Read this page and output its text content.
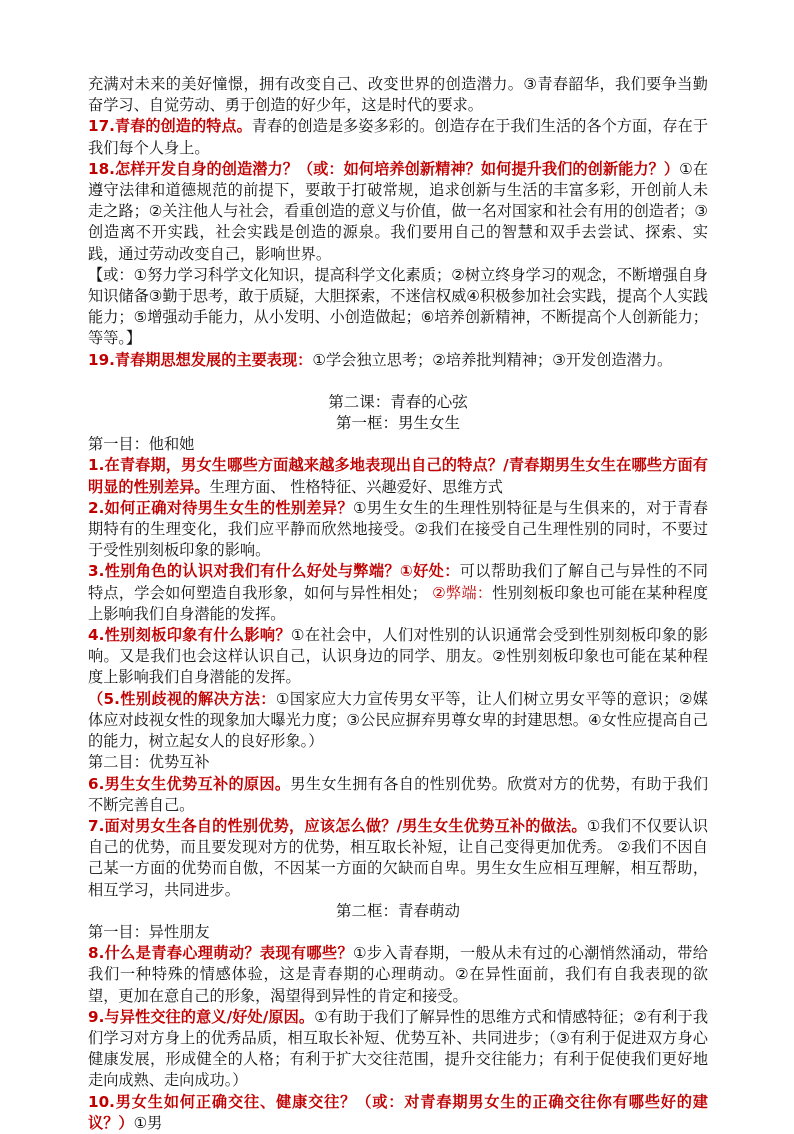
充满对未来的美好憧憬，拥有改变自己、改变世界的创造潜力。③青春韶华，我们要争当勤奋学习、自觉劳动、勇于创造的好少年，这是时代的要求。

17.青春的创造的特点。青春的创造是多姿多彩的。创造存在于我们生活的各个方面，存在于我们每个人身上。

18.怎样开发自身的创造潜力？（或：如何培养创新精神？如何提升我们的创新能力？）①在遵守法律和道德规范的前提下，要敢于打破常规，追求创新与生活的丰富多彩，开创前人未走之路；②关注他人与社会，看重创造的意义与价值，做一名对国家和社会有用的创造者；③创造离不开实践，社会实践是创造的源泉。我们要用自己的智慧和双手去尝试、探索、实践，通过劳动改变自己，影响世界。

【或：①努力学习科学文化知识，提高科学文化素质；②树立终身学习的观念，不断增强自身知识储备③勤于思考，敢于质疑，大胆探索，不迷信权威④积极参加社会实践，提高个人实践能力；⑤增强动手能力，从小发明、小创造做起；⑥培养创新精神，不断提高个人创新能力；等等。】

19.青春期思想发展的主要表现：①学会独立思考；②培养批判精神；③开发创造潜力。

第二课：青春的心弦

第一框：男生女生

第一目：他和她

1.在青春期，男女生哪些方面越来越多地表现出自己的特点？/青春期男生女生在哪些方面有明显的性别差异。生理方面、 性格特征、兴趣爱好、思维方式

2.如何正确对待男生女生的性别差异？①男生女生的生理性别特征是与生俱来的，对于青春期特有的生理变化，我们应平静而欣然地接受。②我们在接受自己生理性别的同时，不要过于受性别刻板印象的影响。

3.性别角色的认识对我们有什么好处与弊端？①好处：可以帮助我们了解自己与异性的不同特点，学会如何塑造自我形象，如何与异性相处； ②弊端：性别刻板印象也可能在某种程度上影响我们自身潜能的发挥。

4.性别刻板印象有什么影响？①在社会中，人们对性别的认识通常会受到性别刻板印象的影响。又是我们也会这样认识自己，认识身边的同学、朋友。②性别刻板印象也可能在某种程度上影响我们自身潜能的发挥。

（5.性别歧视的解决方法：①国家应大力宣传男女平等，让人们树立男女平等的意识；②媒体应对歧视女性的现象加大曝光力度；③公民应摒弃男尊女卑的封建思想。④女性应提高自己的能力，树立起女人的良好形象。）

第二目：优势互补

6.男生女生优势互补的原因。男生女生拥有各自的性别优势。欣赏对方的优势，有助于我们不断完善自己。

7.面对男女生各自的性别优势，应该怎么做？/男生女生优势互补的做法。①我们不仅要认识自己的优势，而且要发现对方的优势，相互取长补短，让自己变得更加优秀。 ②我们不因自己某一方面的优势而自傲，不因某一方面的欠缺而自卑。男生女生应相互理解，相互帮助，相互学习，共同进步。

第二框：青春萌动

第一目：异性朋友

8.什么是青春心理萌动？表现有哪些？①步入青春期，一般从未有过的心潮悄然涌动，带给我们一种特殊的情感体验，这是青春期的心理萌动。②在异性面前，我们有自我表现的欲望，更加在意自己的形象，渴望得到异性的肯定和接受。

9.与异性交往的意义/好处/原因。①有助于我们了解异性的思维方式和情感特征；②有利于我们学习对方身上的优秀品质，相互取长补短、优势互补、共同进步；（③有利于促进双方身心健康发展，形成健全的人格；有利于扩大交往范围，提升交往能力；有利于促使我们更好地走向成熟、走向成功。）

10.男女生如何正确交往、健康交往？（或：对青春期男女生的正确交往你有哪些好的建议？）①男
